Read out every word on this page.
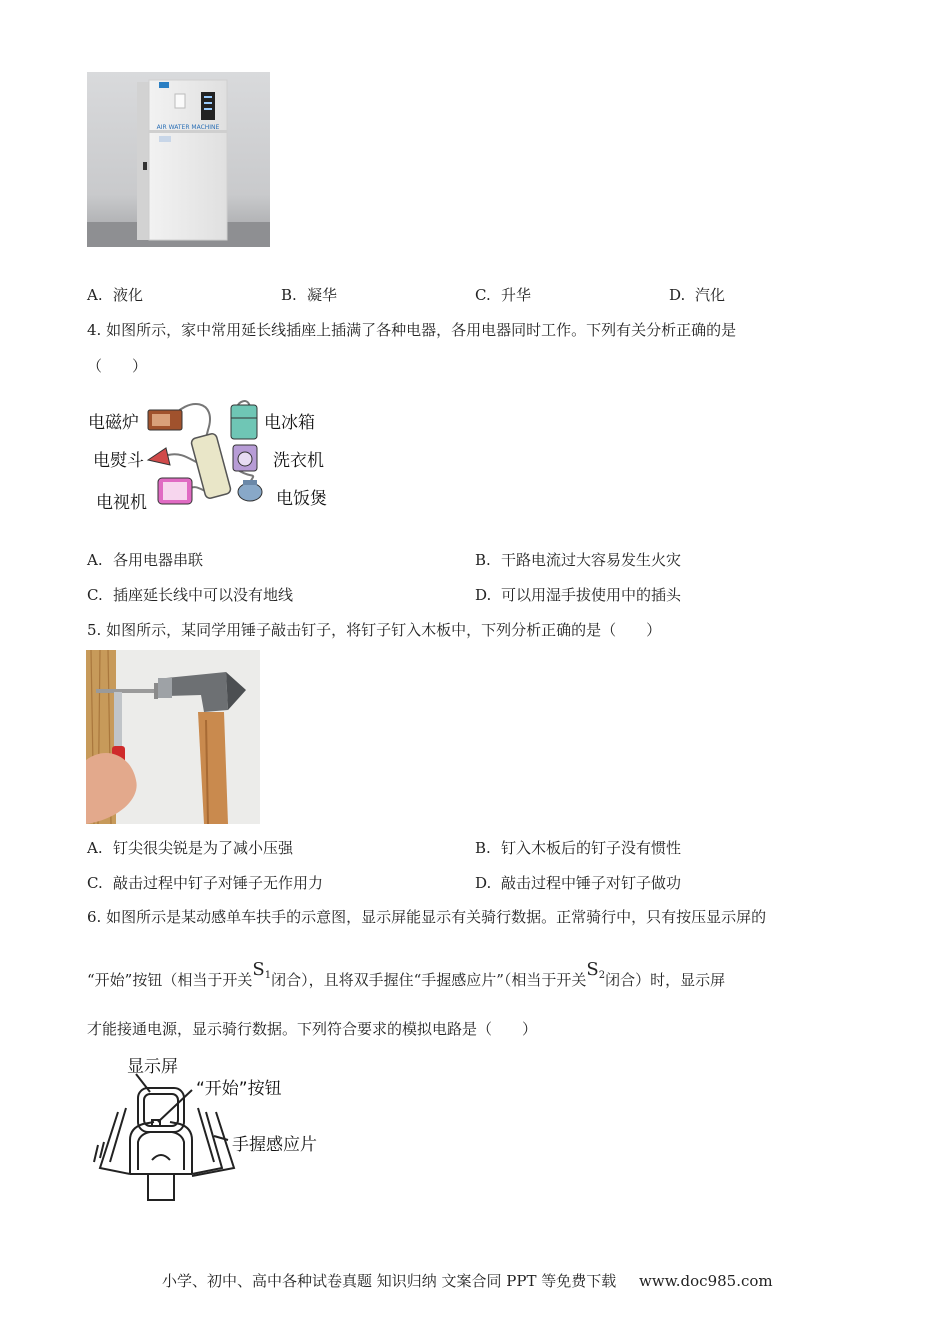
AIR WATER MACHINE
A. 液化	B. 凝华	C. 升华	D. 汽化
4. 如图所示，家中常用延长线插座上插满了各种电器，各用电器同时工作。下列有关分析正确的是
（　　）
电磁炉	电冰箱
电熨斗	洗衣机
电视机	电饭煲
A. 各用电器串联	B. 干路电流过大容易发生火灾
C. 插座延长线中可以没有地线	D. 可以用湿手拔使用中的插头
5. 如图所示，某同学用锤子敲击钉子，将钉子钉入木板中，下列分析正确的是（　　）
A. 钉尖很尖锐是为了减小压强	B. 钉入木板后的钉子没有惯性
C. 敲击过程中钉子对锤子无作用力	D. 敲击过程中锤子对钉子做功
6. 如图所示是某动感单车扶手的示意图，显示屏能显示有关骑行数据。正常骑行中，只有按压显示屏的
“开始”按钮（相当于开关S1闭合），且将双手握住“手握感应片”（相当于开关S2闭合）时，显示屏
才能接通电源，显示骑行数据。下列符合要求的模拟电路是（　　）
显示屏
“开始”按钮
手握感应片
小学、初中、高中各种试卷真题 知识归纳 文案合同 PPT 等免费下载 www.doc985.com
